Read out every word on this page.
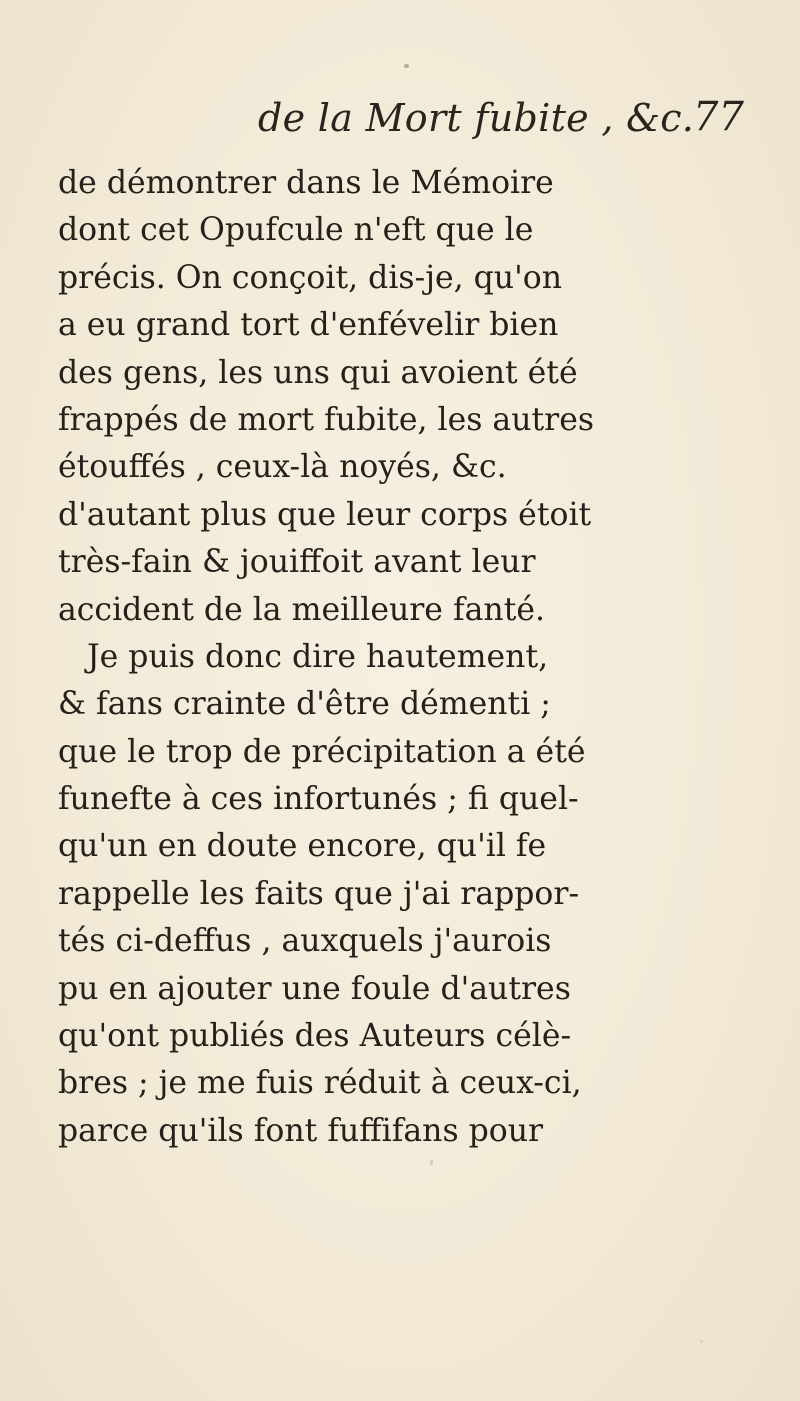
de la Mort fubite , &c.
77
de démontrer dans le Mémoire
dont cet Opufcule n'eft que le
précis. On conçoit, dis-je, qu'on
a eu grand tort d'enfévelir bien
des gens, les uns qui avoient été
frappés de mort fubite, les autres
étouffés , ceux-là noyés, &c.
d'autant plus que leur corps étoit
très-fain & jouiffoit avant leur
accident de la meilleure fanté.
Je puis donc dire hautement,
& fans crainte d'être démenti ;
que le trop de précipitation a été
funefte à ces infortunés ; fi quel-
qu'un en doute encore, qu'il fe
rappelle les faits que j'ai rappor-
tés ci-deffus , auxquels j'aurois
pu en ajouter une foule d'autres
qu'ont publiés des Auteurs célè-
bres ; je me fuis réduit à ceux-ci,
parce qu'ils font fuffifans pour
